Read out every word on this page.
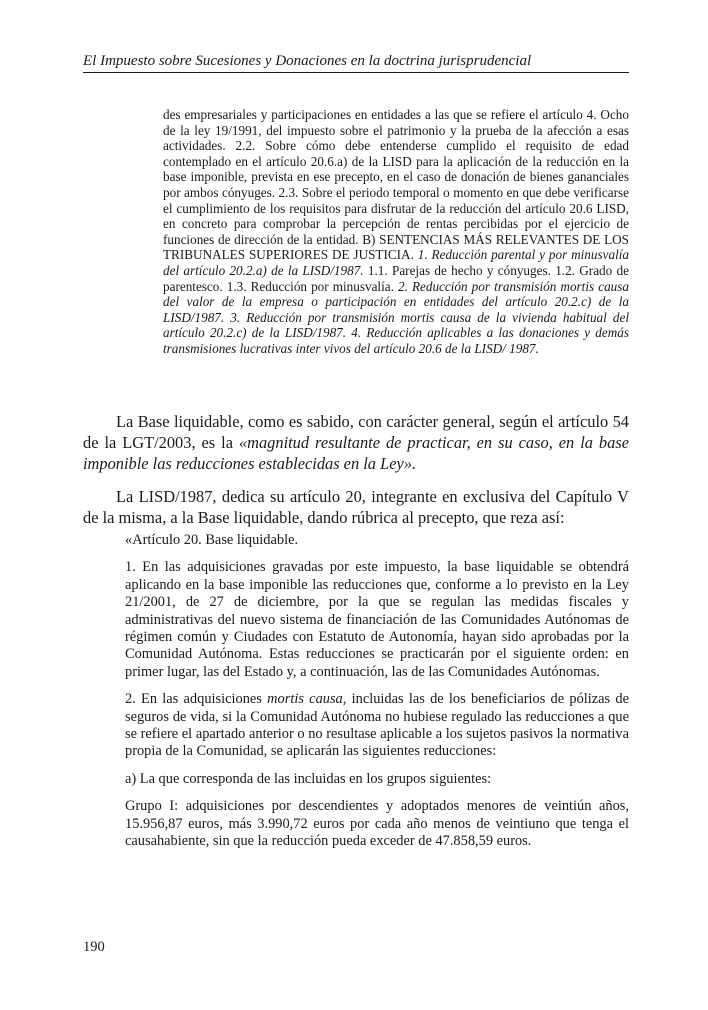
El Impuesto sobre Sucesiones y Donaciones en la doctrina jurisprudencial

des empresariales y participaciones en entidades a las que se refiere el artículo 4. Ocho de la ley 19/1991, del impuesto sobre el patrimonio y la prueba de la afección a esas actividades. 2.2. Sobre cómo debe entenderse cumplido el requisito de edad contemplado en el artículo 20.6.a) de la LISD para la aplicación de la reducción en la base imponible, prevista en ese precepto, en el caso de donación de bienes gananciales por ambos cónyuges. 2.3. Sobre el periodo temporal o momento en que debe verificarse el cumplimiento de los requisitos para disfrutar de la reducción del artículo 20.6 LISD, en concreto para comprobar la percepción de rentas percibidas por el ejercicio de funciones de dirección de la entidad. B) SENTENCIAS MÁS RELEVANTES DE LOS TRIBUNALES SUPERIORES DE JUSTICIA. 1. Reducción parental y por minusvalía del artículo 20.2.a) de la LISD/1987. 1.1. Parejas de hecho y cónyuges. 1.2. Grado de parentesco. 1.3. Reducción por minusvalía. 2. Reducción por transmisión mortis causa del valor de la empresa o participación en entidades del artículo 20.2.c) de la LISD/1987. 3. Reducción por transmisión mortis causa de la vivienda habitual del artículo 20.2.c) de la LISD/1987. 4. Reducción aplicables a las donaciones y demás transmisiones lucrativas inter vivos del artículo 20.6 de la LISD/ 1987.

La Base liquidable, como es sabido, con carácter general, según el artículo 54 de la LGT/2003, es la «magnitud resultante de practicar, en su caso, en la base imponible las reducciones establecidas en la Ley».

La LISD/1987, dedica su artículo 20, integrante en exclusiva del Capítulo V de la misma, a la Base liquidable, dando rúbrica al precepto, que reza así:

«Artículo 20. Base liquidable.

1. En las adquisiciones gravadas por este impuesto, la base liquidable se obtendrá aplicando en la base imponible las reducciones que, conforme a lo previsto en la Ley 21/2001, de 27 de diciembre, por la que se regulan las medidas fiscales y administrativas del nuevo sistema de financiación de las Comunidades Autónomas de régimen común y Ciudades con Estatuto de Autonomía, hayan sido aprobadas por la Comunidad Autónoma. Estas reducciones se practicarán por el siguiente orden: en primer lugar, las del Estado y, a continuación, las de las Comunidades Autónomas.

2. En las adquisiciones mortis causa, incluidas las de los beneficiarios de pólizas de seguros de vida, si la Comunidad Autónoma no hubiese regulado las reducciones a que se refiere el apartado anterior o no resultase aplicable a los sujetos pasivos la normativa propia de la Comunidad, se aplicarán las siguientes reducciones:

a) La que corresponda de las incluidas en los grupos siguientes:

Grupo I: adquisiciones por descendientes y adoptados menores de veintiún años, 15.956,87 euros, más 3.990,72 euros por cada año menos de veintiuno que tenga el causahabiente, sin que la reducción pueda exceder de 47.858,59 euros.

190
